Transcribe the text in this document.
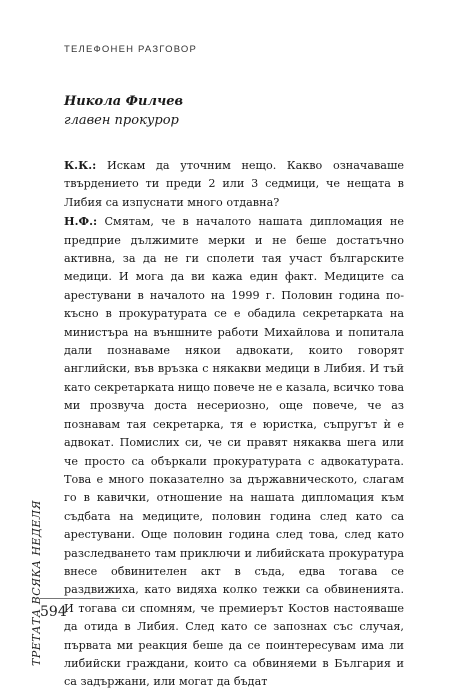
ТЕЛЕФОНЕН РАЗГОВОР
Никола Филчев
главен прокурор

К.К.: Искам да уточним нещо. Какво означаваше твърдението ти преди 2 или 3 седмици, че нещата в Либия са изпуснати много отдавна?

Н.Ф.: Смятам, че в началото нашата дипломация не предприе дължимите мерки и не беше достатъчно активна, за да не ги сполети тая участ българските медици. И мога да ви кажа един факт. Медиците са арестувани в началото на 1999 г. Половин година по-късно в прокуратурата се е обадила секретарката на министъра на външните работи Михайлова и попитала дали познаваме някои адвокати, които говорят английски, във връзка с някакви медици в Либия. И тъй като секретарката нищо повече не е казала, всичко това ми прозвуча доста несериозно, още повече, че аз познавам тая секретарка, тя е юристка, съпругът ѝ е адвокат. Помислих си, че си правят някаква шега или че просто са объркали прокуратурата с адвокатурата. Това е много показателно за държавническото, слагам го в кавички, отношение на нашата дипломация към съдбата на медиците, половин година след като са арестувани. Още половин година след това, след като разследването там приключи и либийската прокуратура внесе обвинителен акт в съда, едва тогава се раздвижиха, като видяха колко тежки са обвиненията. И тогава си спомням, че премиерът Костов настояваше да отида в Либия. След като се запознах със случая, първата ми реакция беше да се поинтересувам има ли либийски граждани, които са обвиняеми в България и са задържани, или могат да бъдат

ТРЕТАТА ВСЯКА НЕДЕЛЯ
594
